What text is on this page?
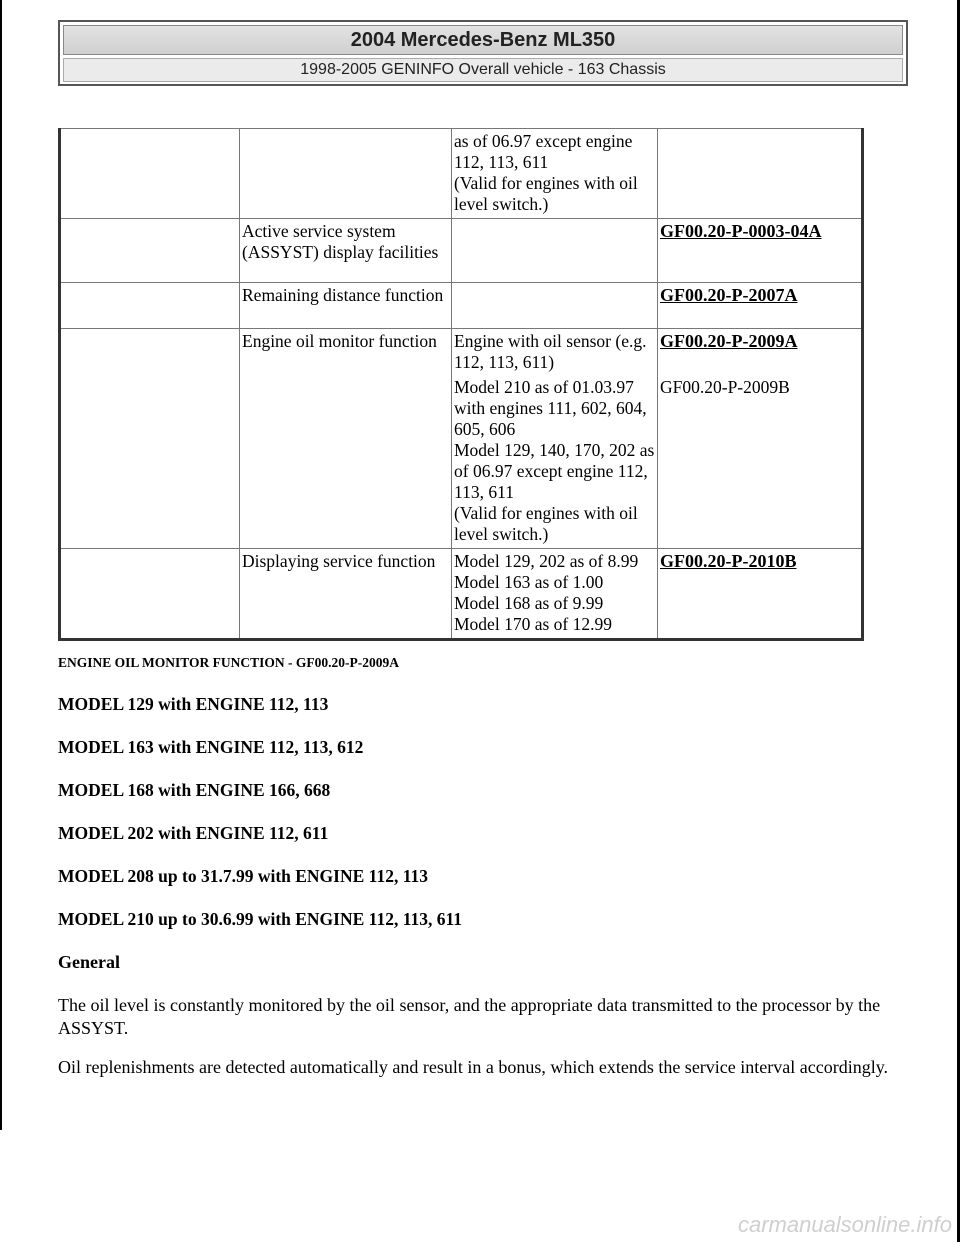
2004 Mercedes-Benz ML350
1998-2005 GENINFO Overall vehicle - 163 Chassis

		as of 06.97 except engine 112, 113, 611
(Valid for engines with oil level switch.)	

	Active service system (ASSYST) display facilities		GF00.20-P-0003-04A
	Remaining distance function		GF00.20-P-2007A
	Engine oil monitor function	Engine with oil sensor (e.g. 112, 113, 611)
Model 210 as of 01.03.97 with engines 111, 602, 604, 605, 606
Model 129, 140, 170, 202 as of 06.97 except engine 112, 113, 611
(Valid for engines with oil level switch.)	GF00.20-P-2009A
GF00.20-P-2009B

	Displaying service function	Model 129, 202 as of 8.99
Model 163 as of 1.00
Model 168 as of 9.99
Model 170 as of 12.99	GF00.20-P-2010B
ENGINE OIL MONITOR FUNCTION - GF00.20-P-2009A
MODEL 129 with ENGINE 112, 113
MODEL 163 with ENGINE 112, 113, 612
MODEL 168 with ENGINE 166, 668
MODEL 202 with ENGINE 112, 611
MODEL 208 up to 31.7.99 with ENGINE 112, 113
MODEL 210 up to 30.6.99 with ENGINE 112, 113, 611
General
The oil level is constantly monitored by the oil sensor, and the appropriate data transmitted to the processor by the ASSYST.
Oil replenishments are detected automatically and result in a bonus, which extends the service interval accordingly.
carmanualsonline.info
